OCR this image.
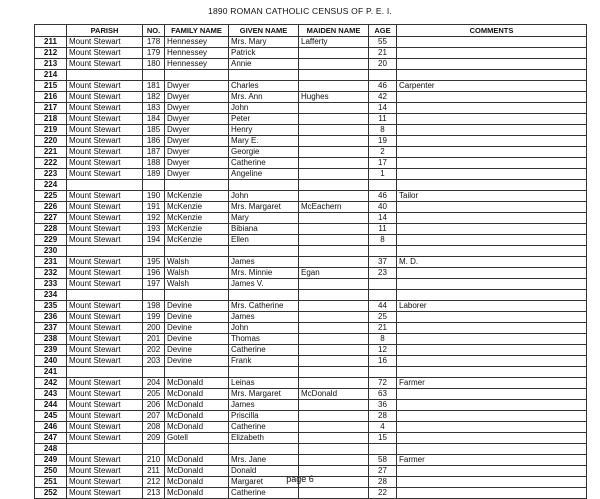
1890 ROMAN CATHOLIC CENSUS OF P. E. I.
	PARISH	NO.	FAMILY NAME	GIVEN NAME	MAIDEN NAME	AGE	COMMENTS
211	Mount Stewart	178	Hennessey	Mrs. Mary	Lafferty	55	
212	Mount Stewart	179	Hennessey	Patrick		21	
213	Mount Stewart	180	Hennessey	Annie		20	
214							
215	Mount Stewart	181	Dwyer	Charles		46	Carpenter
216	Mount Stewart	182	Dwyer	Mrs. Ann	Hughes	42	
217	Mount Stewart	183	Dwyer	John		14	
218	Mount Stewart	184	Dwyer	Peter		11	
219	Mount Stewart	185	Dwyer	Henry		8	
220	Mount Stewart	186	Dwyer	Mary E.		19	
221	Mount Stewart	187	Dwyer	Georgie		2	
222	Mount Stewart	188	Dwyer	Catherine		17	
223	Mount Stewart	189	Dwyer	Angeline		1	
224							
225	Mount Stewart	190	McKenzie	John		46	Tailor
226	Mount Stewart	191	McKenzie	Mrs. Margaret	McEachern	40	
227	Mount Stewart	192	McKenzie	Mary		14	
228	Mount Stewart	193	McKenzie	Bibiana		11	
229	Mount Stewart	194	McKenzie	Ellen		8	
230							
231	Mount Stewart	195	Walsh	James		37	M. D.
232	Mount Stewart	196	Walsh	Mrs. Minnie	Egan	23	
233	Mount Stewart	197	Walsh	James V.			
234							
235	Mount Stewart	198	Devine	Mrs. Catherine		44	Laborer
236	Mount Stewart	199	Devine	James		25	
237	Mount Stewart	200	Devine	John		21	
238	Mount Stewart	201	Devine	Thomas		8	
239	Mount Stewart	202	Devine	Catherine		12	
240	Mount Stewart	203	Devine	Frank		16	
241							
242	Mount Stewart	204	McDonald	Leinas		72	Farmer
243	Mount Stewart	205	McDonald	Mrs. Margaret	McDonald	63	
244	Mount Stewart	206	McDonald	James		36	
245	Mount Stewart	207	McDonald	Priscilla		28	
246	Mount Stewart	208	McDonald	Catherine		4	
247	Mount Stewart	209	Gotell	Elizabeth		15	
248							
249	Mount Stewart	210	McDonald	Mrs. Jane		58	Farmer
250	Mount Stewart	211	McDonald	Donald		27	
251	Mount Stewart	212	McDonald	Margaret		28	
252	Mount Stewart	213	McDonald	Catherine		22	
page 6
